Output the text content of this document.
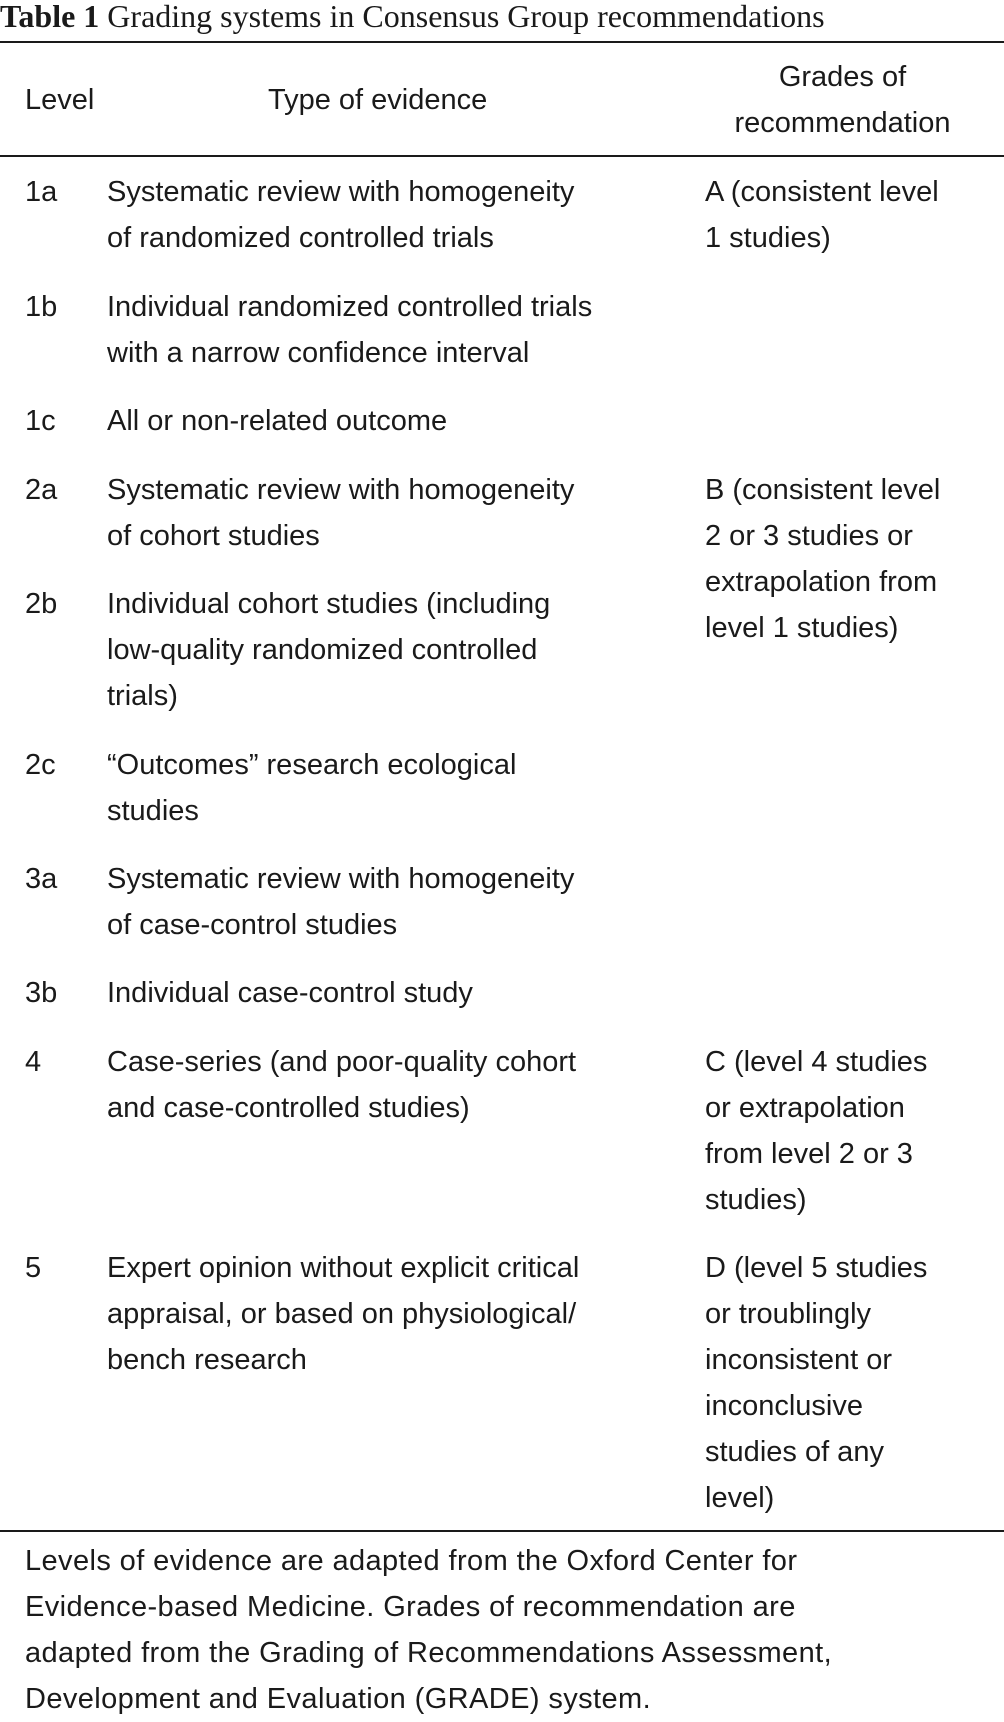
Table 1 Grading systems in Consensus Group recommendations
Level	Type of evidence
Grades of
recommendation
1a Systematic review with homogeneity
of randomized controlled trials
1b Individual randomized controlled trials
with a narrow confidence interval
1c All or non-related outcome
2a Systematic review with homogeneity
of cohort studies
2b Individual cohort studies (including
low-quality randomized controlled
trials)
2c “Outcomes” research ecological
studies
3a Systematic review with homogeneity
of case-control studies
3b Individual case-control study
4 Case-series (and poor-quality cohort
and case-controlled studies)
5 Expert opinion without explicit critical
appraisal, or based on physiological/
bench research
A (consistent level
1 studies)
B (consistent level
2 or 3 studies or
extrapolation from
level 1 studies)
C (level 4 studies
or extrapolation
from level 2 or 3
studies)
D (level 5 studies
or troublingly
inconsistent or
inconclusive
studies of any
level)
Levels of evidence are adapted from the Oxford Center for
Evidence-based Medicine. Grades of recommendation are
adapted from the Grading of Recommendations Assessment,
Development and Evaluation (GRADE) system.
